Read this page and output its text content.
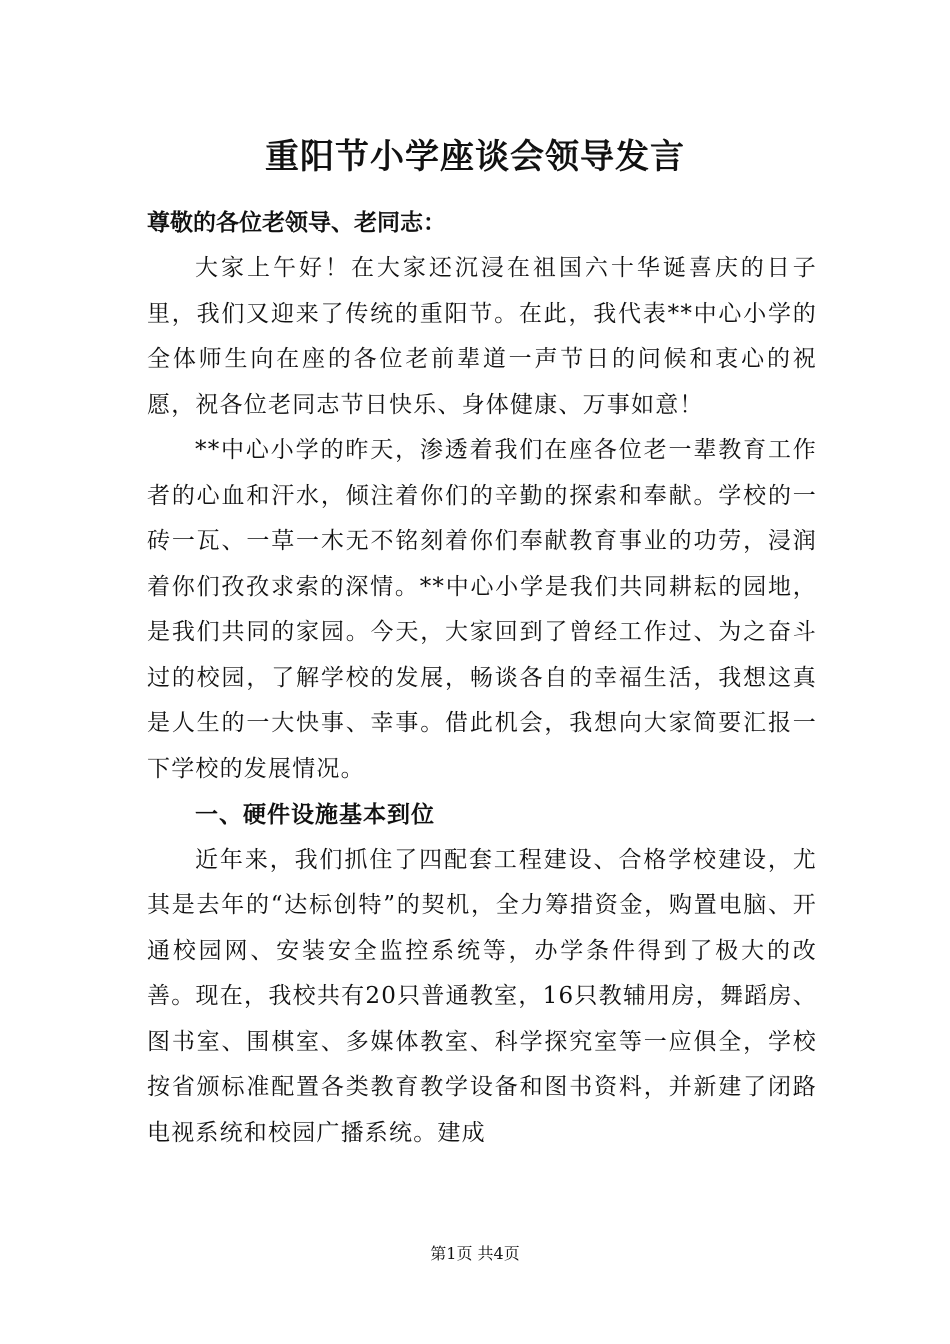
重阳节小学座谈会领导发言

尊敬的各位老领导、老同志：

大家上午好！在大家还沉浸在祖国六十华诞喜庆的日子里，我们又迎来了传统的重阳节。在此，我代表**中心小学的全体师生向在座的各位老前辈道一声节日的问候和衷心的祝愿，祝各位老同志节日快乐、身体健康、万事如意！

**中心小学的昨天，渗透着我们在座各位老一辈教育工作者的心血和汗水，倾注着你们的辛勤的探索和奉献。学校的一砖一瓦、一草一木无不铭刻着你们奉献教育事业的功劳，浸润着你们孜孜求索的深情。**中心小学是我们共同耕耘的园地，是我们共同的家园。今天，大家回到了曾经工作过、为之奋斗过的校园，了解学校的发展，畅谈各自的幸福生活，我想这真是人生的一大快事、幸事。借此机会，我想向大家简要汇报一下学校的发展情况。

一、硬件设施基本到位

近年来，我们抓住了四配套工程建设、合格学校建设，尤其是去年的“达标创特”的契机，全力筹措资金，购置电脑、开通校园网、安装安全监控系统等，办学条件得到了极大的改善。现在，我校共有20只普通教室，16只教辅用房，舞蹈房、图书室、围棋室、多媒体教室、科学探究室等一应俱全，学校按省颁标准配置各类教育教学设备和图书资料，并新建了闭路电视系统和校园广播系统。建成

第1页 共4页
